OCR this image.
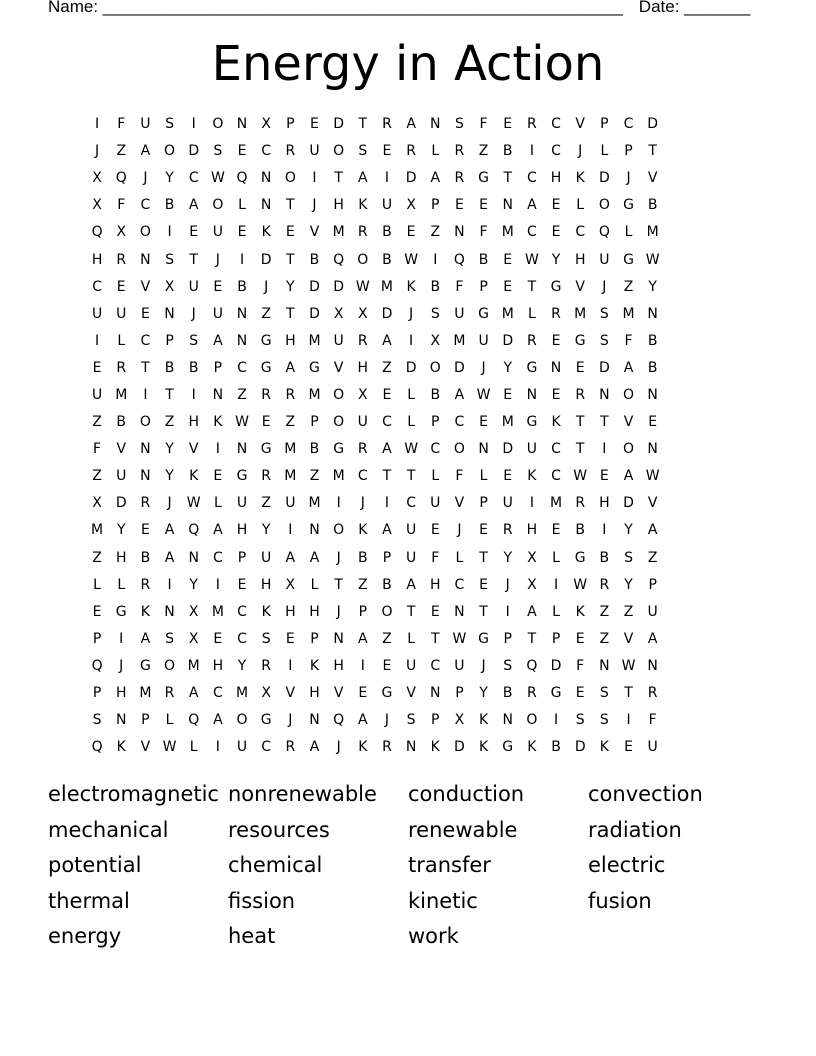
Name: _______________________________________________________ Date: _______
Energy in Action
I	F	U	S	I	O N	X	P	E	D	T	R	A	N	S	F	E	R	C	V	P	C D
J	Z	A O D	S	E	C	R	U O	S	E	R	L	R	Z	B	I	C	J	L	P	T
X Q	J	Y	C W Q N O	I	T	A	I	D A	R G	T	C	H	K	D	J	V
X	F	C	B	A O	L	N	T	J	H	K	U	X	P	E	E	N	A	E	L	O G B
Q X O	I	E	U	E	K	E	V M R	B	E	Z	N	F	M C	E	C Q	L	M
H	R	N	S	T	J	I	D	T	B Q O B W	I	Q B	E W Y	H U G W
C	E	V	X	U	E	B	J	Y	D D W M K	B	F	P	E	T	G V	J	Z	Y
U U	E	N	J	U N	Z	T	D X	X D	J	S	U G M	L	R M S M N
I	L	C	P	S	A	N G H M U	R	A	I	X M U D R	E	G	S	F	B
E	R	T	B	B	P	C G A G V	H	Z D O D	J	Y	G N	E	D A	B
U M	I	T	I	N	Z	R	R M O X	E	L	B	A W E	N	E	R	N O N
Z	B O Z	H	K W E	Z	P	O U	C	L	P	C	E M G	K	T	T	V	E
F	V	N	Y	V	I	N G M B G R	A W C O N D U	C	T	I	O N
Z	U N	Y	K	E	G R M Z M C	T	T	L	F	L	E	K	C W E	A W
X D R	J	W L	U	Z	U M	I	J	I	C	U	V	P	U	I	M R	H D V
M Y	E	A Q A	H	Y	I	N O	K	A	U	E	J	E	R	H	E	B	I	Y	A
Z	H	B	A	N	C	P	U	A	A	J	B	P	U	F	L	T	Y	X	L	G B	S	Z
L	L	R	I	Y	I	E	H	X	L	T	Z	B	A	H	C	E	J	X	I	W R	Y	P
E	G	K	N	X M C	K	H H	J	P	O	T	E	N	T	I	A	L	K	Z	Z	U
P	I	A	S	X	E	C	S	E	P	N	A	Z	L	T W G	P	T	P	E	Z	V	A
Q	J	G O M H	Y	R	I	K	H	I	E	U	C	U	J	S	Q D	F	N W N
P	H M R	A	C M X	V	H	V	E	G V	N	P	Y	B	R G	E	S	T	R
S	N	P	L	Q A O G	J	N Q A	J	S	P	X	K	N O	I	S	S	I	F
Q	K	V W L	I	U	C	R	A	J	K	R	N	K	D	K	G	K	B D	K	E	U
electromagnetic nonrenewable	conduction	convection
mechanical	resources	renewable	radiation
potential	chemical	transfer	electric
thermal	fission	kinetic	fusion
energy	heat	work
